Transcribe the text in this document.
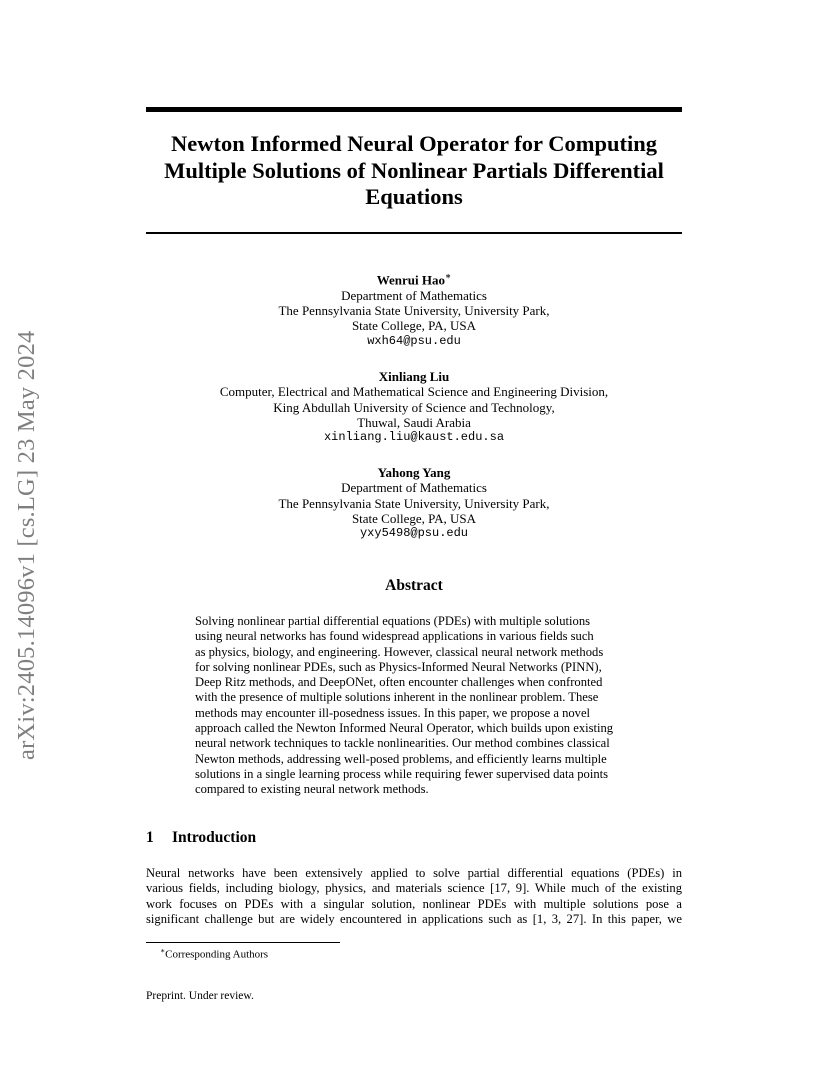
arXiv:2405.14096v1 [cs.LG] 23 May 2024
Newton Informed Neural Operator for Computing
Multiple Solutions of Nonlinear Partials Differential
Equations
Wenrui Hao∗
Department of Mathematics
The Pennsylvania State University, University Park,
State College, PA, USA
wxh64@psu.edu
Xinliang Liu
Computer, Electrical and Mathematical Science and Engineering Division,
King Abdullah University of Science and Technology,
Thuwal, Saudi Arabia
xinliang.liu@kaust.edu.sa
Yahong Yang
Department of Mathematics
The Pennsylvania State University, University Park,
State College, PA, USA
yxy5498@psu.edu
Abstract
Solving nonlinear partial differential equations (PDEs) with multiple solutions
using neural networks has found widespread applications in various fields such
as physics, biology, and engineering. However, classical neural network methods
for solving nonlinear PDEs, such as Physics-Informed Neural Networks (PINN),
Deep Ritz methods, and DeepONet, often encounter challenges when confronted
with the presence of multiple solutions inherent in the nonlinear problem. These
methods may encounter ill-posedness issues. In this paper, we propose a novel
approach called the Newton Informed Neural Operator, which builds upon existing
neural network techniques to tackle nonlinearities. Our method combines classical
Newton methods, addressing well-posed problems, and efficiently learns multiple
solutions in a single learning process while requiring fewer supervised data points
compared to existing neural network methods.
1 Introduction
Neural networks have been extensively applied to solve partial differential equations (PDEs) in
various fields, including biology, physics, and materials science [17, 9]. While much of the existing
work focuses on PDEs with a singular solution, nonlinear PDEs with multiple solutions pose a
significant challenge but are widely encountered in applications such as [1, 3, 27]. In this paper, we
∗Corresponding Authors
Preprint. Under review.
